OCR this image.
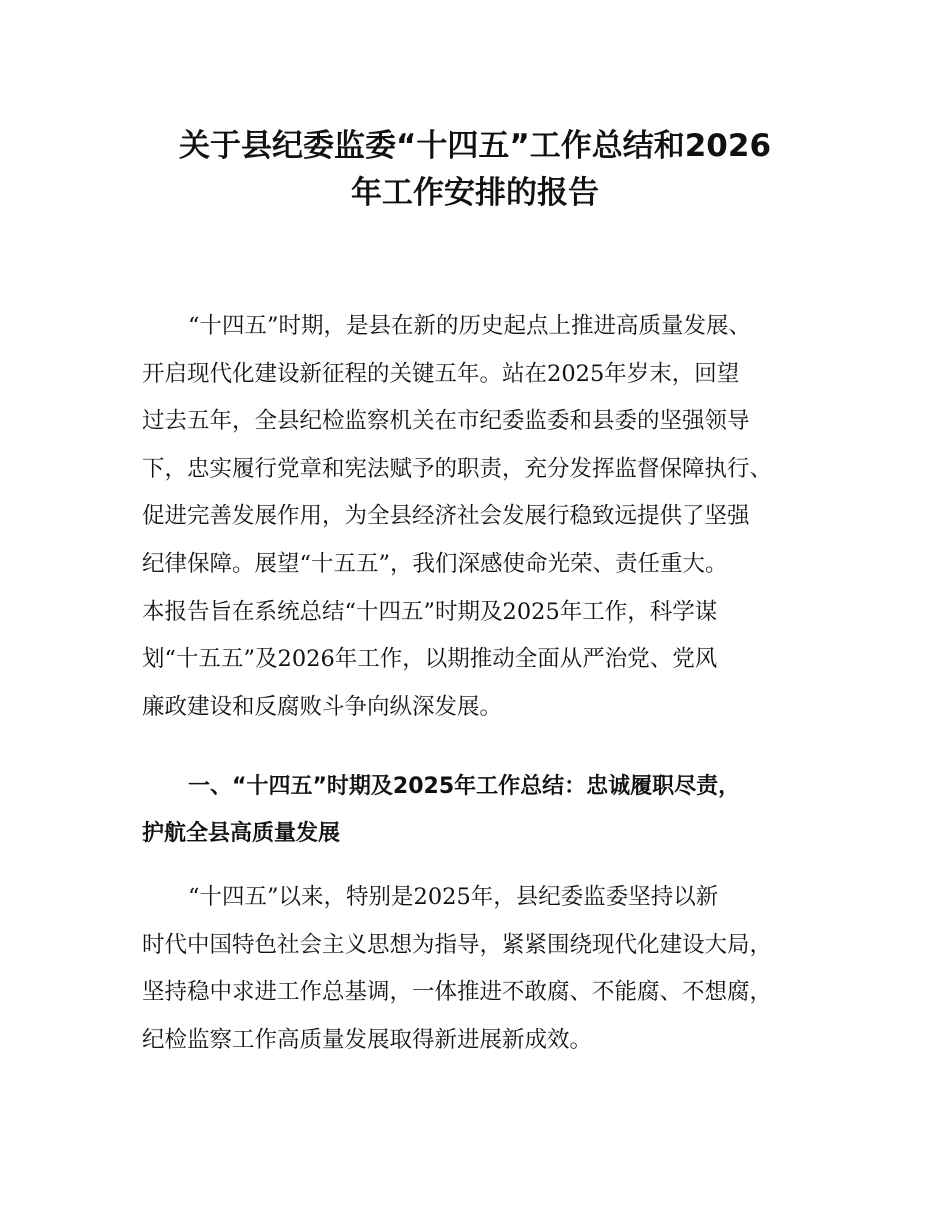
关于县纪委监委“十四五”工作总结和2026
年工作安排的报告
“十四五”时期，是县在新的历史起点上推进高质量发展、
开启现代化建设新征程的关键五年。站在2025年岁末，回望
过去五年，全县纪检监察机关在市纪委监委和县委的坚强领导
下，忠实履行党章和宪法赋予的职责，充分发挥监督保障执行、
促进完善发展作用，为全县经济社会发展行稳致远提供了坚强
纪律保障。展望“十五五”，我们深感使命光荣、责任重大。
本报告旨在系统总结“十四五”时期及2025年工作，科学谋
划“十五五”及2026年工作，以期推动全面从严治党、党风
廉政建设和反腐败斗争向纵深发展。
一、“十四五”时期及2025年工作总结：忠诚履职尽责，
护航全县高质量发展
“十四五”以来，特别是2025年，县纪委监委坚持以新
时代中国特色社会主义思想为指导，紧紧围绕现代化建设大局，
坚持稳中求进工作总基调，一体推进不敢腐、不能腐、不想腐，
纪检监察工作高质量发展取得新进展新成效。
